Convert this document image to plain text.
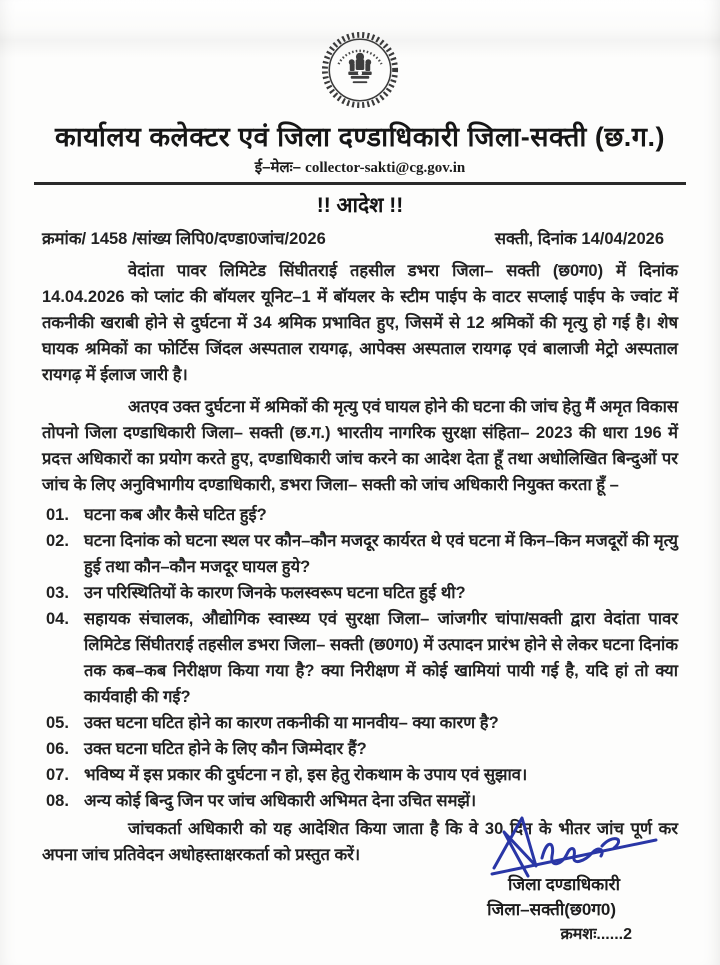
कार्यालय कलेक्टर एवं जिला दण्डाधिकारी जिला-सक्ती (छ.ग.)
ई–मेलः– collector-sakti@cg.gov.in
!! आदेश !!
क्रमांक/ 1458 /सांख्य लिपि0/दण्डा0जांच/2026	सक्ती, दिनांक 14/04/2026

वेदांता पावर लिमिटेड सिंघीतराई तहसील डभरा जिला– सक्ती (छ0ग0) में दिनांक 14.04.2026 को प्लांट की बॉयलर यूनिट–1 में बॉयलर के स्टीम पाईप के वाटर सप्लाई पाईप के ज्वांट में तकनीकी खराबी होने से दुर्घटना में 34 श्रमिक प्रभावित हुए, जिसमें से 12 श्रमिकों की मृत्यु हो गई है। शेष घायक श्रमिकों का फोर्टिस जिंदल अस्पताल रायगढ़, आपेक्स अस्पताल रायगढ़ एवं बालाजी मेट्रो अस्पताल रायगढ़ में ईलाज जारी है।

अतएव उक्त दुर्घटना में श्रमिकों की मृत्यु एवं घायल होने की घटना की जांच हेतु मैं अमृत विकास तोपनो जिला दण्डाधिकारी जिला– सक्ती (छ.ग.) भारतीय नागरिक सुरक्षा संहिता– 2023 की धारा 196 में प्रदत्त अधिकारों का प्रयोग करते हुए, दण्डाधिकारी जांच करने का आदेश देता हूँ तथा अधोलिखित बिन्दुओं पर जांच के लिए अनुविभागीय दण्डाधिकारी, डभरा जिला– सक्ती को जांच अधिकारी नियुक्त करता हूँ –

01. घटना कब और कैसे घटित हुई?
02. घटना दिनांक को घटना स्थल पर कौन–कौन मजदूर कार्यरत थे एवं घटना में किन–किन मजदूरों की मृत्यु हुई तथा कौन–कौन मजदूर घायल हुये?
03. उन परिस्थितियों के कारण जिनके फलस्वरूप घटना घटित हुई थी?
04. सहायक संचालक, औद्योगिक स्वास्थ्य एवं सुरक्षा जिला– जांजगीर चांपा/सक्ती द्वारा वेदांता पावर लिमिटेड सिंघीतराई तहसील डभरा जिला– सक्ती (छ0ग0) में उत्पादन प्रारंभ होने से लेकर घटना दिनांक तक कब–कब निरीक्षण किया गया है? क्या निरीक्षण में कोई खामियां पायी गई है, यदि हां तो क्या कार्यवाही की गई?
05. उक्त घटना घटित होने का कारण तकनीकी या मानवीय– क्या कारण है?
06. उक्त घटना घटित होने के लिए कौन जिम्मेदार हैं?
07. भविष्य में इस प्रकार की दुर्घटना न हो, इस हेतु रोकथाम के उपाय एवं सुझाव।
08. अन्य कोई बिन्दु जिन पर जांच अधिकारी अभिमत देना उचित समझें।

जांचकर्ता अधिकारी को यह आदेशित किया जाता है कि वे 30 दिन के भीतर जांच पूर्ण कर अपना जांच प्रतिवेदन अधोहस्ताक्षरकर्ता को प्रस्तुत करें।

जिला दण्डाधिकारी
जिला–सक्ती(छ0ग0)
क्रमशः......2
